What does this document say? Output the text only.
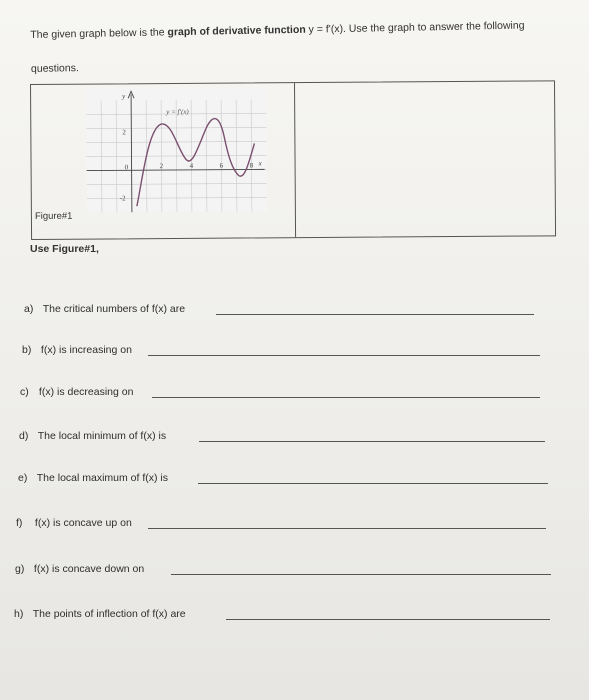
The given graph below is the graph of derivative function y = f'(x). Use the graph to answer the following questions.
y
x
y = f'(x)
2
-2
0	2	4	6	8
Figure#1
Use Figure#1,
a) The critical numbers of f(x) are
b) f(x) is increasing on
c) f(x) is decreasing on
d) The local minimum of f(x) is
e) The local maximum of f(x) is
f) f(x) is concave up on
g) f(x) is concave down on
h) The points of inflection of f(x) are
